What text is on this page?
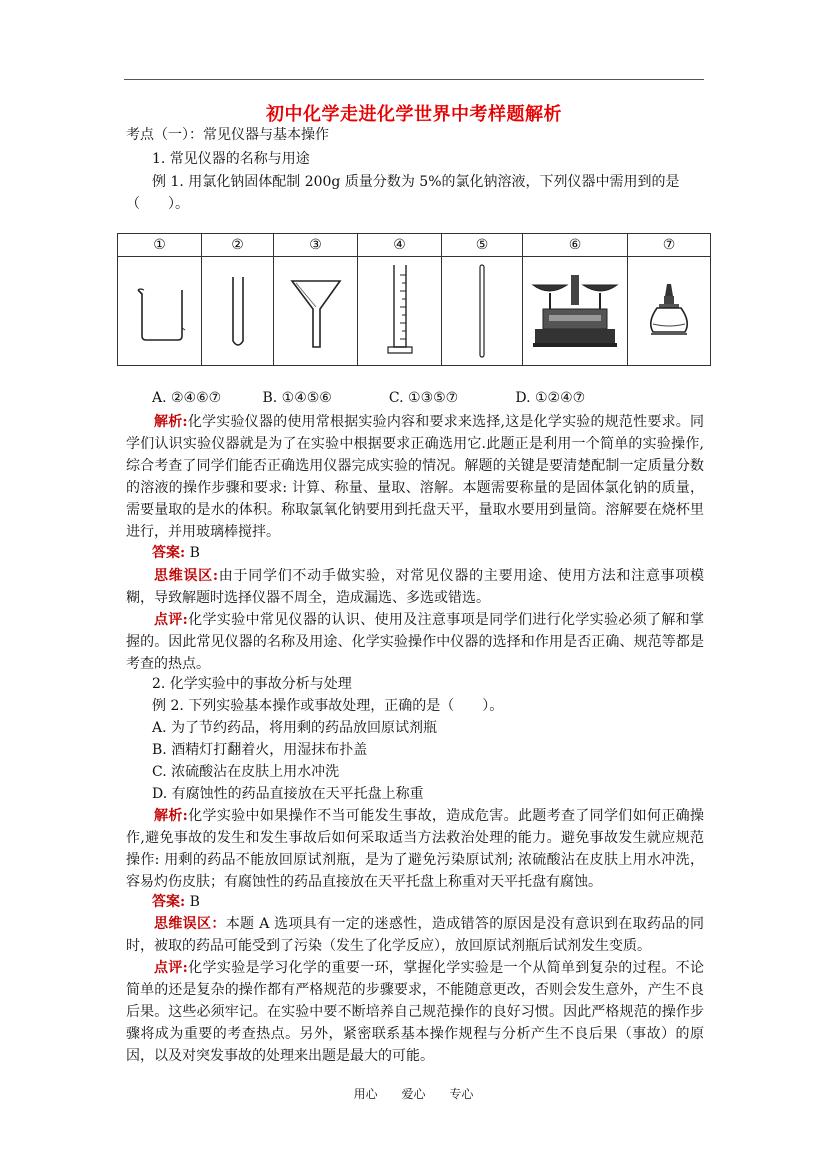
初中化学走进化学世界中考样题解析
考点（一）：常见仪器与基本操作
1. 常见仪器的名称与用途
例 1. 用氯化钠固体配制 200g 质量分数为 5%的氯化钠溶液，下列仪器中需用到的是
（　　）。
①	②	③	④	⑤	⑥	⑦

A. ②④⑥⑦	B. ①④⑤⑥	C. ①③⑤⑦	D. ①②④⑦

解析:化学实验仪器的使用常根据实验内容和要求来选择,这是化学实验的规范性要求。同学们认识实验仪器就是为了在实验中根据要求正确选用它.此题正是利用一个简单的实验操作,综合考查了同学们能否正确选用仪器完成实验的情况。解题的关键是要清楚配制一定质量分数的溶液的操作步骤和要求: 计算、称量、量取、溶解。本题需要称量的是固体氯化钠的质量，需要量取的是水的体积。称取氯氧化钠要用到托盘天平，量取水要用到量筒。溶解要在烧杯里进行，并用玻璃棒搅拌。

答案: B

思维误区:由于同学们不动手做实验，对常见仪器的主要用途、使用方法和注意事项模糊，导致解题时选择仪器不周全，造成漏选、多选或错选。

点评:化学实验中常见仪器的认识、使用及注意事项是同学们进行化学实验必须了解和掌握的。因此常见仪器的名称及用途、化学实验操作中仪器的选择和作用是否正确、规范等都是考查的热点。

2. 化学实验中的事故分析与处理
例 2. 下列实验基本操作或事故处理，正确的是（　　）。
A. 为了节约药品，将用剩的药品放回原试剂瓶
B. 酒精灯打翻着火，用湿抹布扑盖
C. 浓硫酸沾在皮肤上用水冲洗
D. 有腐蚀性的药品直接放在天平托盘上称重

解析:化学实验中如果操作不当可能发生事故，造成危害。此题考查了同学们如何正确操作,避免事故的发生和发生事故后如何采取适当方法救治处理的能力。避免事故发生就应规范操作: 用剩的药品不能放回原试剂瓶，是为了避免污染原试剂; 浓硫酸沾在皮肤上用水冲洗，容易灼伤皮肤；有腐蚀性的药品直接放在天平托盘上称重对天平托盘有腐蚀。

答案: B

思维误区：本题 A 选项具有一定的迷惑性，造成错答的原因是没有意识到在取药品的同时，被取的药品可能受到了污染（发生了化学反应），放回原试剂瓶后试剂发生变质。

点评:化学实验是学习化学的重要一环，掌握化学实验是一个从简单到复杂的过程。不论简单的还是复杂的操作都有严格规范的步骤要求，不能随意更改，否则会发生意外，产生不良后果。这些必须牢记。在实验中要不断培养自己规范操作的良好习惯。因此严格规范的操作步骤将成为重要的考查热点。另外，紧密联系基本操作规程与分析产生不良后果（事故）的原因，以及对突发事故的处理来出题是最大的可能。

用心 爱心 专心
